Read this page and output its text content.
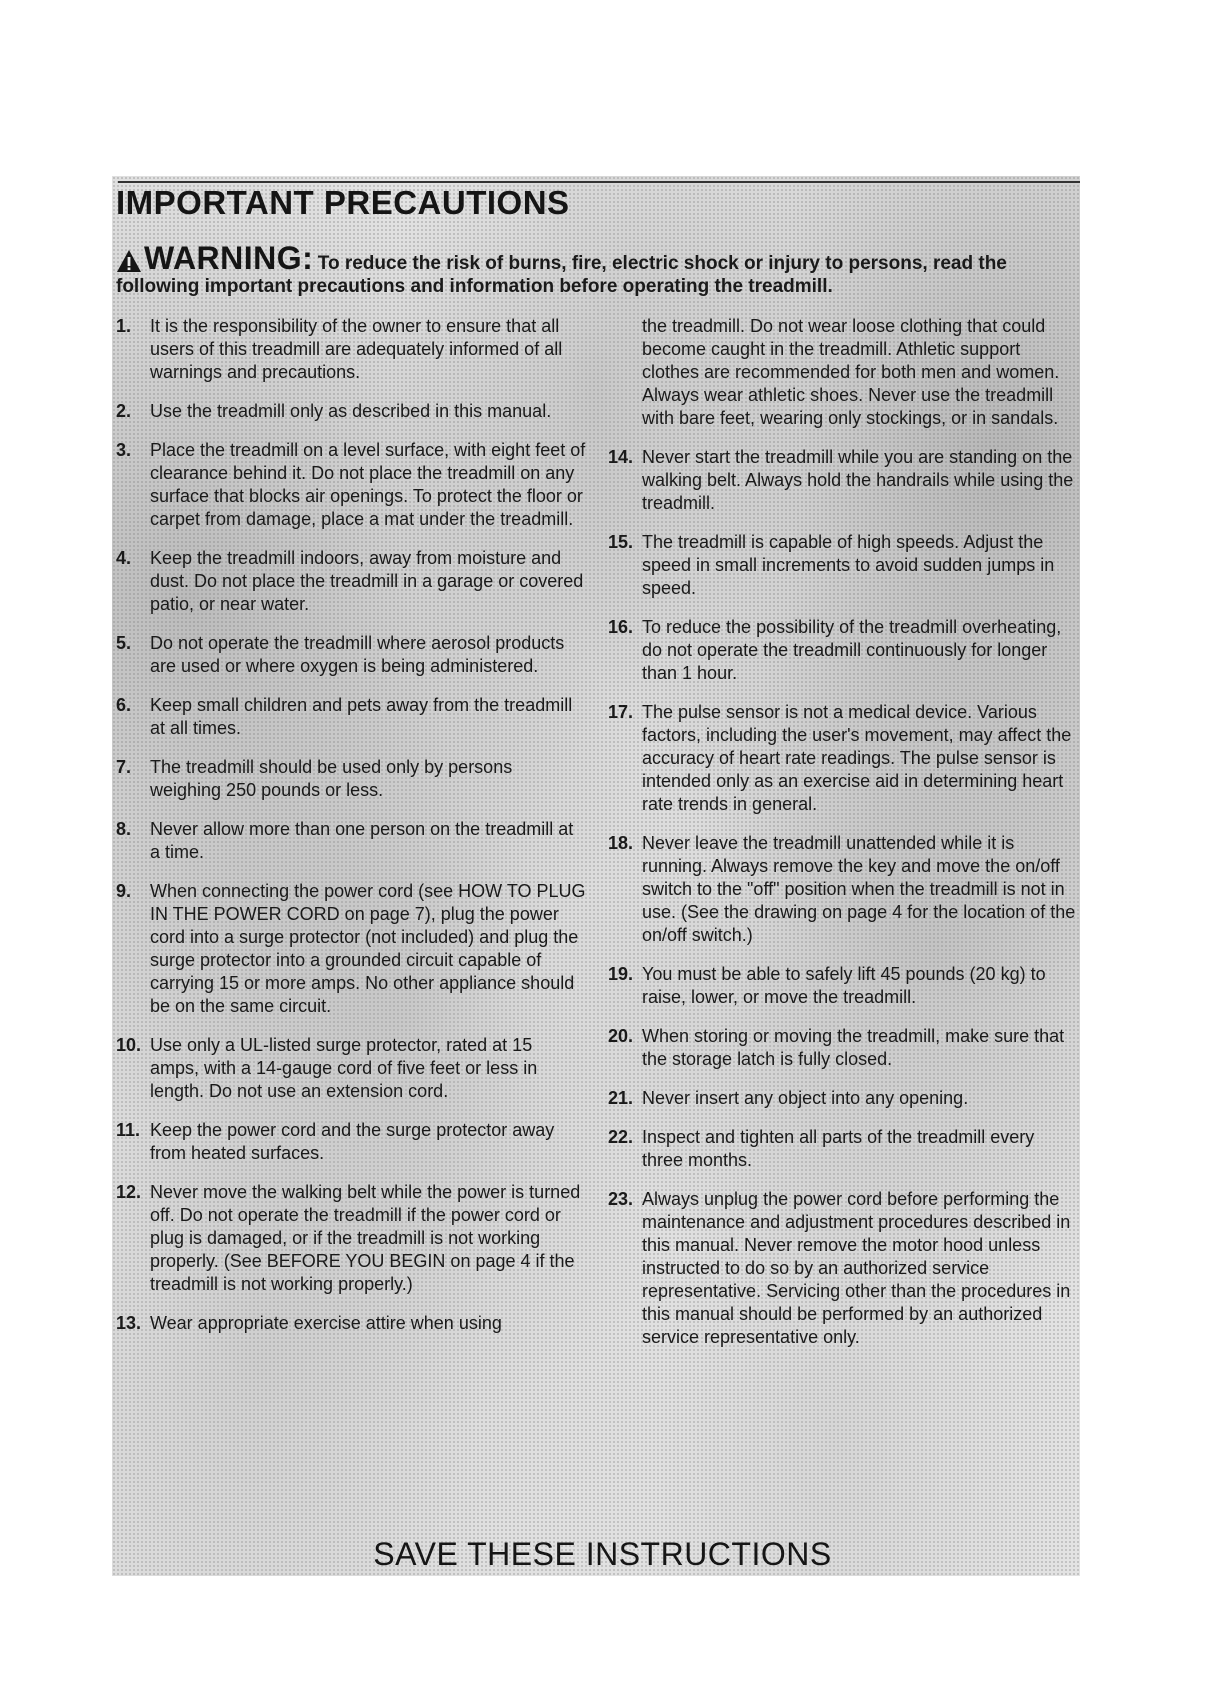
IMPORTANT PRECAUTIONS
WARNING: To reduce the risk of burns, fire, electric shock or injury to persons, read the
following important precautions and information before operating the treadmill.
1.	It is the responsibility of the owner to ensure that all users of this treadmill are adequately informed of all warnings and precautions.
2.	Use the treadmill only as described in this manual.
3.	Place the treadmill on a level surface, with eight feet of clearance behind it. Do not place the treadmill on any surface that blocks air openings. To protect the floor or carpet from damage, place a mat under the treadmill.
4.	Keep the treadmill indoors, away from moisture and dust. Do not place the treadmill in a garage or covered patio, or near water.
5.	Do not operate the treadmill where aerosol products are used or where oxygen is being administered.
6.	Keep small children and pets away from the treadmill at all times.
7.	The treadmill should be used only by persons weighing 250 pounds or less.
8.	Never allow more than one person on the treadmill at a time.
9.	When connecting the power cord (see HOW TO PLUG IN THE POWER CORD on page 7), plug the power cord into a surge protector (not included) and plug the surge protector into a grounded circuit capable of carrying 15 or more amps. No other appliance should be on the same circuit.
10. Use only a UL-listed surge protector, rated at 15 amps, with a 14-gauge cord of five feet or less in length. Do not use an extension cord.
11. Keep the power cord and the surge protector away from heated surfaces.
12. Never move the walking belt while the power is turned off. Do not operate the treadmill if the power cord or plug is damaged, or if the treadmill is not working properly. (See BEFORE YOU BEGIN on page 4 if the treadmill is not working properly.)
13. Wear appropriate exercise attire when using
the treadmill. Do not wear loose clothing that could become caught in the treadmill. Athletic support clothes are recommended for both men and women. Always wear athletic shoes. Never use the treadmill with bare feet, wearing only stockings, or in sandals.
14. Never start the treadmill while you are standing on the walking belt. Always hold the handrails while using the treadmill.
15. The treadmill is capable of high speeds. Adjust the speed in small increments to avoid sudden jumps in speed.
16. To reduce the possibility of the treadmill overheating, do not operate the treadmill continuously for longer than 1 hour.
17. The pulse sensor is not a medical device. Various factors, including the user's movement, may affect the accuracy of heart rate readings. The pulse sensor is intended only as an exercise aid in determining heart rate trends in general.
18. Never leave the treadmill unattended while it is running. Always remove the key and move the on/off switch to the "off" position when the treadmill is not in use. (See the drawing on page 4 for the location of the on/off switch.)
19. You must be able to safely lift 45 pounds (20 kg) to raise, lower, or move the treadmill.
20. When storing or moving the treadmill, make sure that the storage latch is fully closed.
21. Never insert any object into any opening.
22. Inspect and tighten all parts of the treadmill every three months.
23. Always unplug the power cord before performing the maintenance and adjustment procedures described in this manual. Never remove the motor hood unless instructed to do so by an authorized service representative. Servicing other than the procedures in this manual should be performed by an authorized service representative only.
SAVE THESE INSTRUCTIONS
